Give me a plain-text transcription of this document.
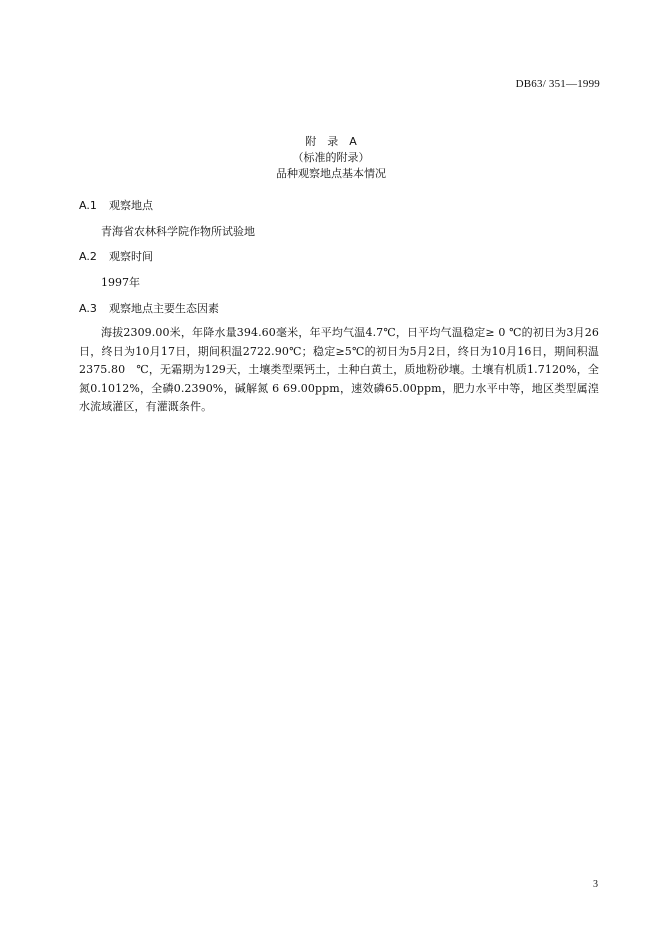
DB63/ 351—1999
附　录　A
（标准的附录）
品种观察地点基本情况
A.1 观察地点
青海省农林科学院作物所试验地
A.2 观察时间
1997年
A.3 观察地点主要生态因素
海拔2309.00米，年降水量394.60毫米，年平均气温4.7℃，日平均气温稳定≥ 0 ℃的初日为3月26日，终日为10月17日，期间积温2722.90℃；稳定≥5℃的初日为5月2日，终日为10月16日，期间积温2375.80　℃，无霜期为129天，土壤类型栗钙土，土种白黄土，质地粉砂壤。土壤有机质1.7120%，全氮0.1012%，全磷0.2390%，碱解氮 6 69.00ppm，速效磷65.00ppm，肥力水平中等，地区类型属湟水流域灌区，有灌溉条件。
3
